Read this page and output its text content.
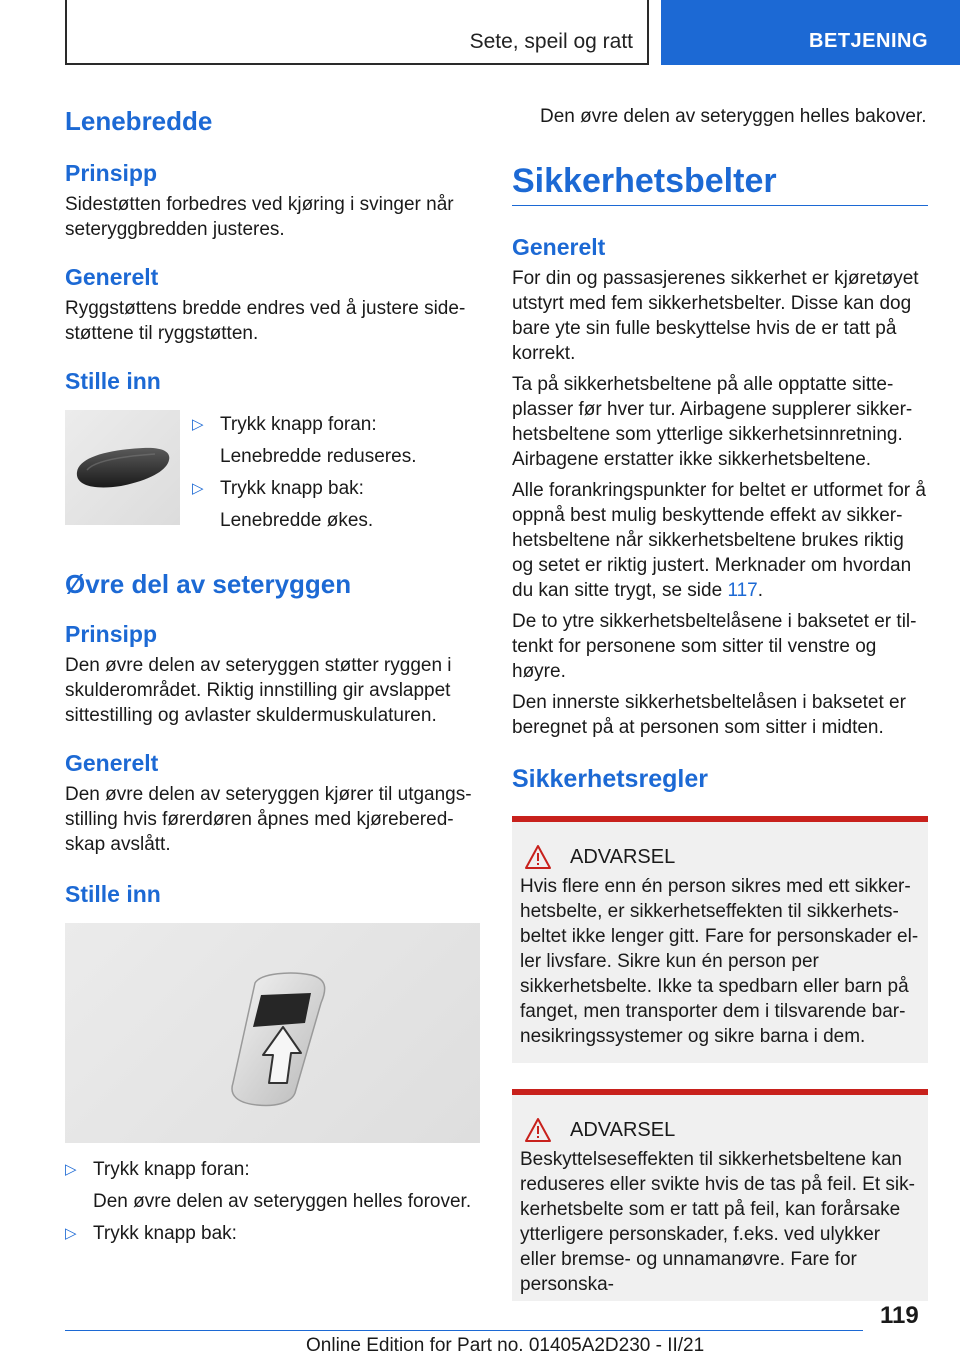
Sete, speil og ratt	BETJENING
Lenebredde
Prinsipp

Sidestøtten forbedres ved kjøring i svinger når seteryggbredden justeres.

Generelt

Ryggstøttens bredde endres ved å justere sidestøttene til ryggstøtten.

Stille inn
▷ Trykk knapp foran:
Lenebredde reduseres.
▷ Trykk knapp bak:
Lenebredde økes.
Øvre del av seteryggen
Prinsipp

Den øvre delen av seteryggen støtter ryggen i skulderområdet. Riktig innstilling gir avslappet sittestilling og avlaster skuldermuskulaturen.

Generelt

Den øvre delen av seteryggen kjører til utgangsstilling hvis førerdøren åpnes med kjøreberedskap avslått.

Stille inn
▷ Trykk knapp foran:
Den øvre delen av seteryggen helles forover.
▷ Trykk knapp bak:

Den øvre delen av seteryggen helles bakover.

Sikkerhetsbelter
Generelt

For din og passasjerenes sikkerhet er kjøretøyet utstyrt med fem sikkerhetsbelter. Disse kan dog bare yte sin fulle beskyttelse hvis de er tatt på korrekt.

Ta på sikkerhetsbeltene på alle opptatte sitteplasser før hver tur. Airbagene supplerer sikkerhetsbeltene som ytterlige sikkerhetsinnretning. Airbagene erstatter ikke sikkerhetsbeltene.

Alle forankringspunkter for beltet er utformet for å oppnå best mulig beskyttende effekt av sikkerhetsbeltene når sikkerhetsbeltene brukes riktig og setet er riktig justert. Merknader om hvordan du kan sitte trygt, se side 117.

De to ytre sikkerhetsbeltelåsene i baksetet er tiltenkt for personene som sitter til venstre og høyre.

Den innerste sikkerhetsbeltelåsen i baksetet er beregnet på at personen som sitter i midten.

Sikkerhetsregler
ADVARSEL

Hvis flere enn én person sikres med ett sikkerhetsbelte, er sikkerhetseffekten til sikkerhetsbeltet ikke lenger gitt. Fare for personskader eller livsfare. Sikre kun én person per sikkerhetsbelte. Ikke ta spedbarn eller barn på fanget, men transporter dem i tilsvarende barnesikringssystemer og sikre barna i dem.

ADVARSEL

Beskyttelseseffekten til sikkerhetsbeltene kan reduseres eller svikte hvis de tas på feil. Et sikkerhetsbelte som er tatt på feil, kan forårsake ytterligere personskader, f.eks. ved ulykker eller bremse- og unnamanøvre. Fare for personska-

119
Online Edition for Part no. 01405A2D230 - II/21
